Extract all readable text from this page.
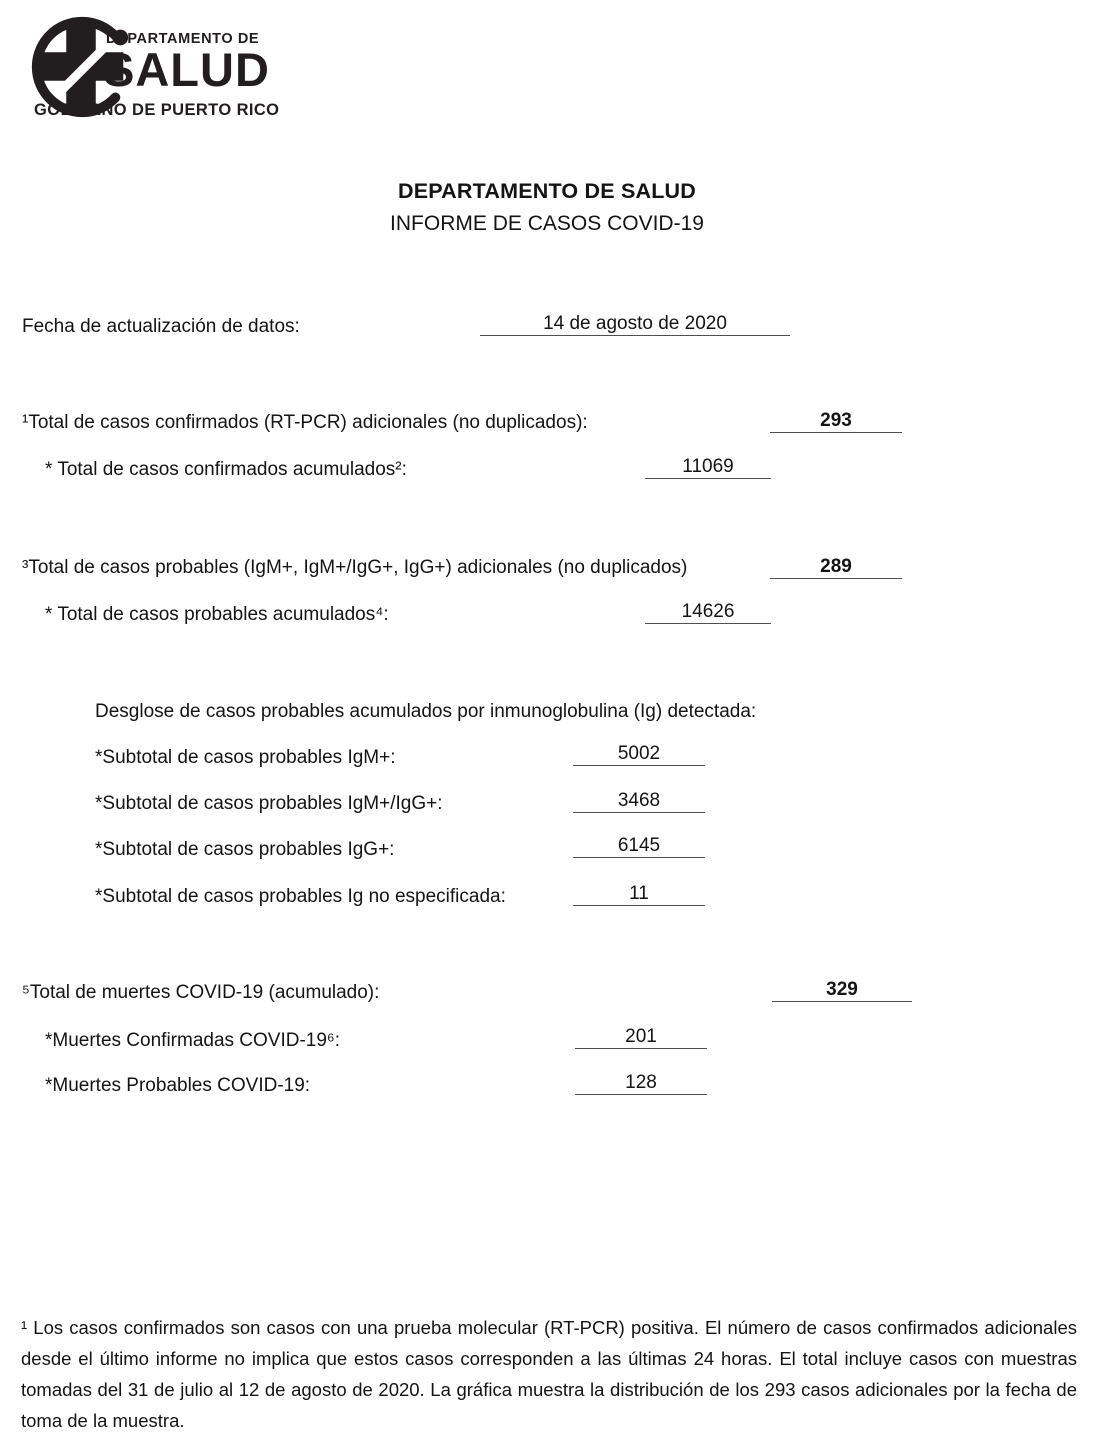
DEPARTAMENTO DE
SALUD
GOBIERNO DE PUERTO RICO
DEPARTAMENTO DE SALUD
INFORME DE CASOS COVID-19
Fecha de actualización de datos:	14 de agosto de 2020
¹Total de casos confirmados (RT-PCR) adicionales (no duplicados):	293
* Total de casos confirmados acumulados²:	11069
³Total de casos probables (IgM+, IgM+/IgG+, IgG+) adicionales (no duplicados)	289
* Total de casos probables acumulados⁴:	14626
Desglose de casos probables acumulados por inmunoglobulina (Ig) detectada:
*Subtotal de casos probables IgM+:	5002
*Subtotal de casos probables IgM+/IgG+:	3468
*Subtotal de casos probables IgG+:	6145
*Subtotal de casos probables Ig no especificada:	11
⁵Total de muertes COVID-19 (acumulado):	329
*Muertes Confirmadas COVID-19⁶:	201
*Muertes Probables COVID-19:	128
¹ Los casos confirmados son casos con una prueba molecular (RT-PCR) positiva. El número de casos confirmados adicionales desde el último informe no implica que estos casos corresponden a las últimas 24 horas. El total incluye casos con muestras tomadas del 31 de julio al 12 de agosto de 2020. La gráfica muestra la distribución de los 293 casos adicionales por la fecha de toma de la muestra.
